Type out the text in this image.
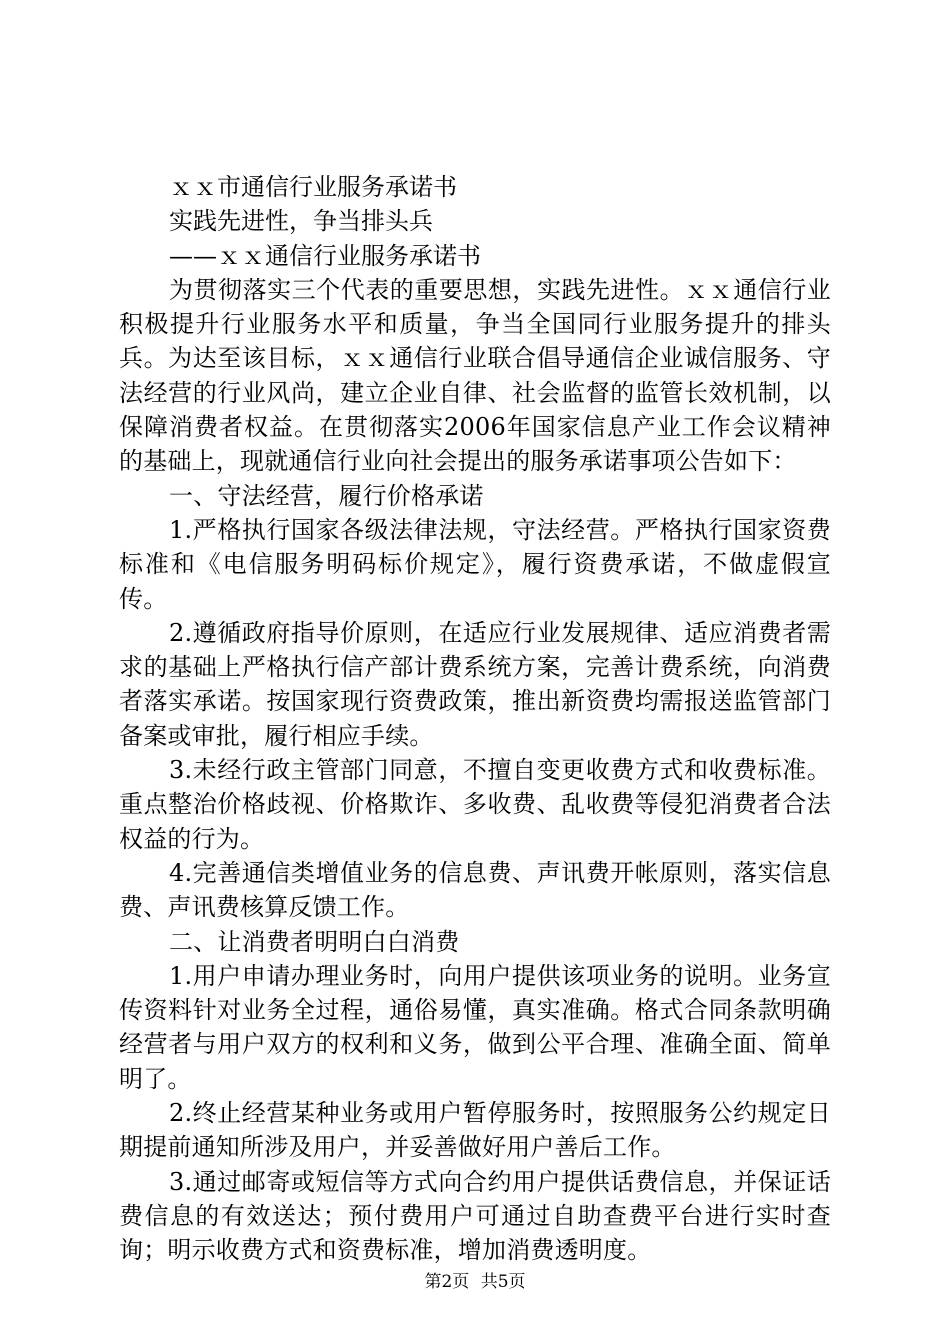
ｘｘ市通信行业服务承诺书
实践先进性，争当排头兵
——ｘｘ通信行业服务承诺书

为贯彻落实三个代表的重要思想，实践先进性。ｘｘ通信行业积极提升行业服务水平和质量，争当全国同行业服务提升的排头兵。为达至该目标，ｘｘ通信行业联合倡导通信企业诚信服务、守法经营的行业风尚，建立企业自律、社会监督的监管长效机制，以保障消费者权益。在贯彻落实2006年国家信息产业工作会议精神的基础上，现就通信行业向社会提出的服务承诺事项公告如下：

一、守法经营，履行价格承诺

1.严格执行国家各级法律法规，守法经营。严格执行国家资费标准和《电信服务明码标价规定》，履行资费承诺，不做虚假宣传。

2.遵循政府指导价原则，在适应行业发展规律、适应消费者需求的基础上严格执行信产部计费系统方案，完善计费系统，向消费者落实承诺。按国家现行资费政策，推出新资费均需报送监管部门备案或审批，履行相应手续。

3.未经行政主管部门同意，不擅自变更收费方式和收费标准。重点整治价格歧视、价格欺诈、多收费、乱收费等侵犯消费者合法权益的行为。

4.完善通信类增值业务的信息费、声讯费开帐原则，落实信息费、声讯费核算反馈工作。

二、让消费者明明白白消费

1.用户申请办理业务时，向用户提供该项业务的说明。业务宣传资料针对业务全过程，通俗易懂，真实准确。格式合同条款明确经营者与用户双方的权利和义务，做到公平合理、准确全面、简单明了。

2.终止经营某种业务或用户暂停服务时，按照服务公约规定日期提前通知所涉及用户，并妥善做好用户善后工作。

3.通过邮寄或短信等方式向合约用户提供话费信息，并保证话费信息的有效送达；预付费用户可通过自助查费平台进行实时查询；明示收费方式和资费标准，增加消费透明度。

第2页 共5页
